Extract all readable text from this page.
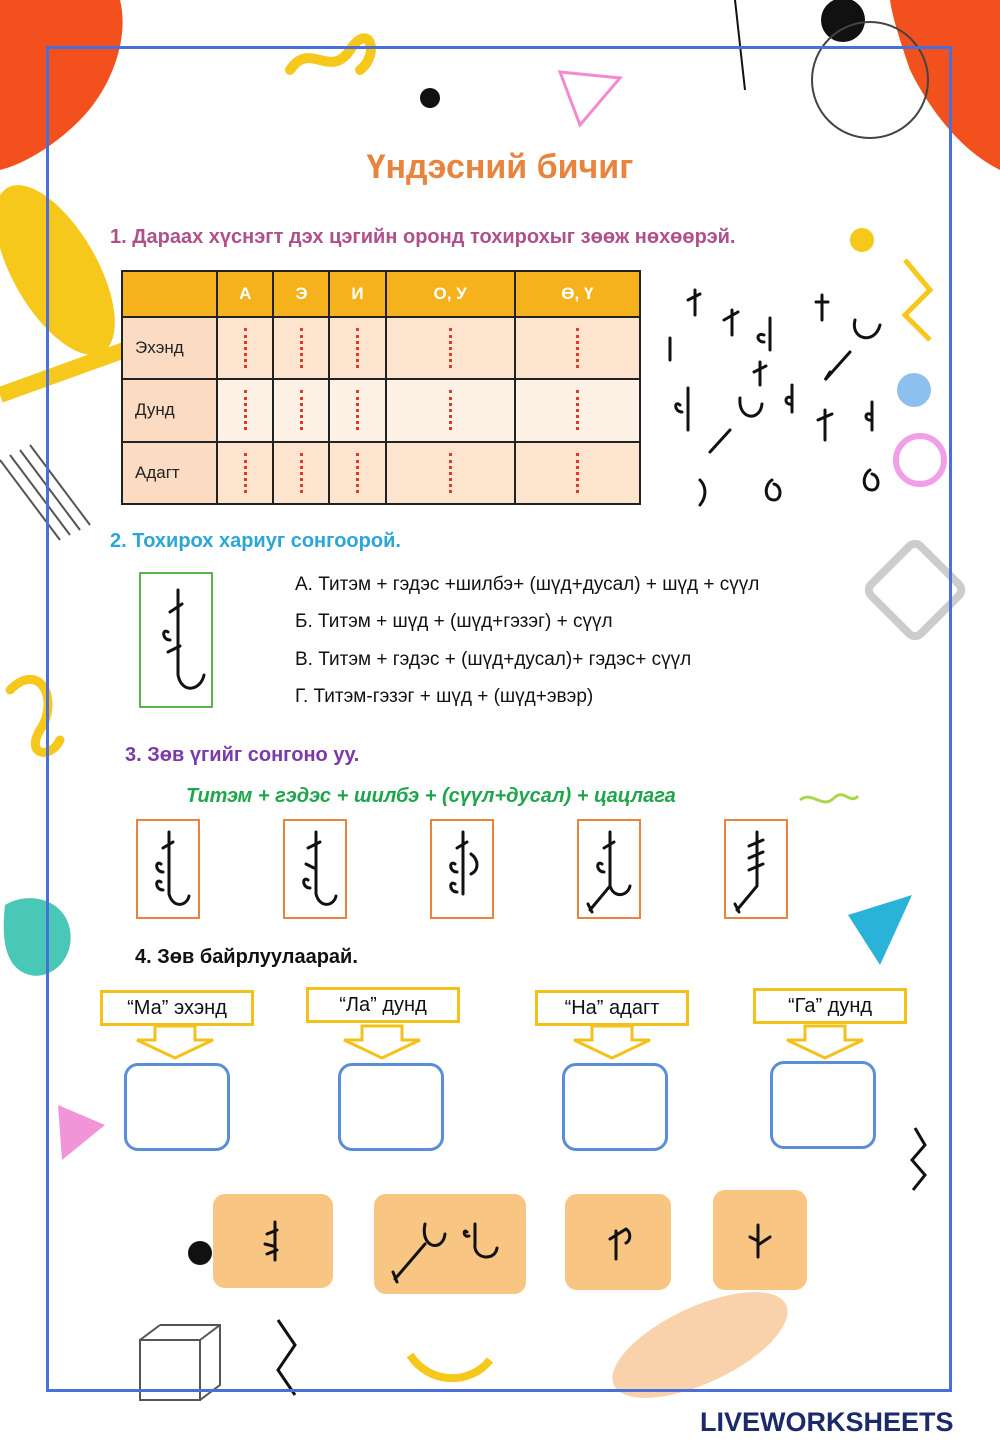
Үндэсний бичиг
1. Дараах хүснэгт дэх цэгийн оронд тохирохыг зөөж нөхөөрэй.
	А	Э	И	О, У	Ө, Ү
Эхэнд	

Дунд	

Адагт	

2. Тохирох хариуг сонгоорой.
А. Титэм + гэдэс +шилбэ+ (шүд+дусал) + шүд + сүүл
Б. Титэм + шүд + (шүд+гэзэг) + сүүл
В. Титэм + гэдэс + (шүд+дусал)+ гэдэс+ сүүл
Г. Титэм-гэзэг + шүд + (шүд+эвэр)
3. Зөв үгийг сонгоно уу.
Титэм + гэдэс + шилбэ + (сүүл+дусал) + цацлага
4. Зөв байрлуулаарай.
“Ма” эхэнд	“Ла” дунд	“На” адагт	“Га” дунд
LIVEWORKSHEETS
